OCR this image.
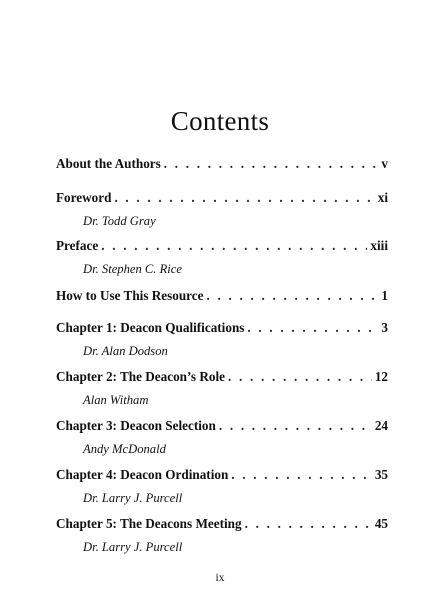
Contents
About the Authors . . .	v
Foreword . . .	xi
Dr. Todd Gray
Preface . . .	xiii
Dr. Stephen C. Rice
How to Use This Resource . . .	1
Chapter 1: Deacon Qualifications . . .	3
Dr. Alan Dodson
Chapter 2: The Deacon’s Role . . .	12
Alan Witham
Chapter 3: Deacon Selection . . .	24
Andy McDonald
Chapter 4: Deacon Ordination . . .	35
Dr. Larry J. Purcell
Chapter 5: The Deacons Meeting . . .	45
Dr. Larry J. Purcell
ix
